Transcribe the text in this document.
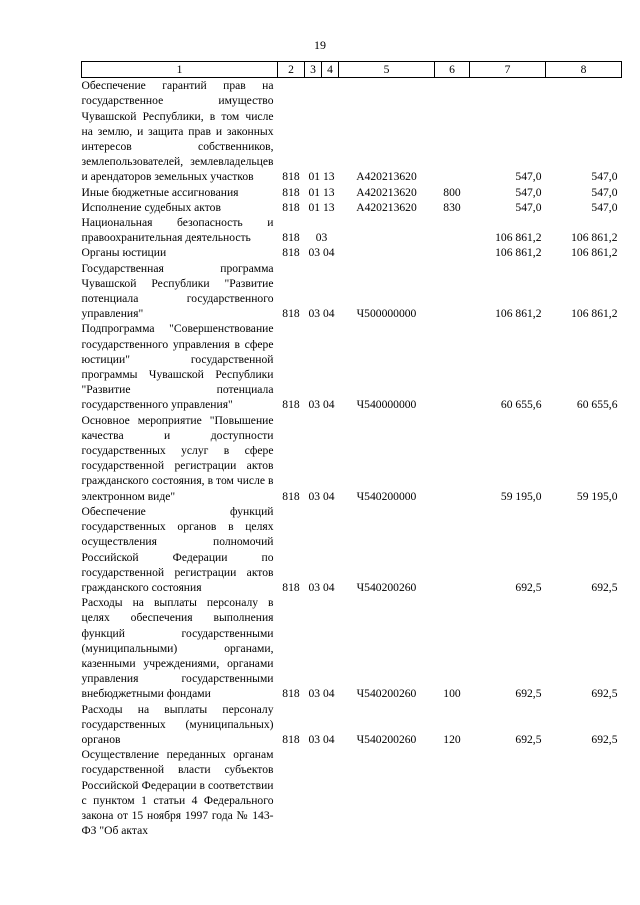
19
1	2	3	4	5	6	7	8
Обеспечение гарантий прав на государственное имущество Чувашской Республики, в том числе на землю, и защита прав и законных интересов собственников, землепользователей, землевладельцев и арендаторов земельных участков	818	01 13		А420213620		547,0	547,0
Иные бюджетные ассигнования	818	01 13		А420213620	800	547,0	547,0
Исполнение судебных актов	818	01 13		А420213620	830	547,0	547,0
Национальная безопасность и правоохранительная деятельность	818	03				106 861,2	106 861,2
Органы юстиции	818	03 04				106 861,2	106 861,2
Государственная программа Чувашской Республики "Развитие потенциала государственного управления"	818	03 04		Ч500000000		106 861,2	106 861,2
Подпрограмма "Совершенствование государственного управления в сфере юстиции" государственной программы Чувашской Республики "Развитие потенциала государственного управления"	818	03 04		Ч540000000		60 655,6	60 655,6
Основное мероприятие "Повышение качества и доступности государственных услуг в сфере государственной регистрации актов гражданского состояния, в том числе в электронном виде"	818	03 04		Ч540200000		59 195,0	59 195,0
Обеспечение функций государственных органов в целях осуществления полномочий Российской Федерации по государственной регистрации актов гражданского состояния	818	03 04		Ч540200260		692,5	692,5
Расходы на выплаты персоналу в целях обеспечения выполнения функций государственными (муниципальными) органами, казенными учреждениями, органами управления государственными внебюджетными фондами	818	03 04		Ч540200260	100	692,5	692,5
Расходы на выплаты персоналу государственных (муниципальных) органов	818	03 04		Ч540200260	120	692,5	692,5
Осуществление переданных органам государственной власти субъектов Российской Федерации в соответствии с пунктом 1 статьи 4 Федерального закона от 15 ноября 1997 года № 143-ФЗ "Об актах							
